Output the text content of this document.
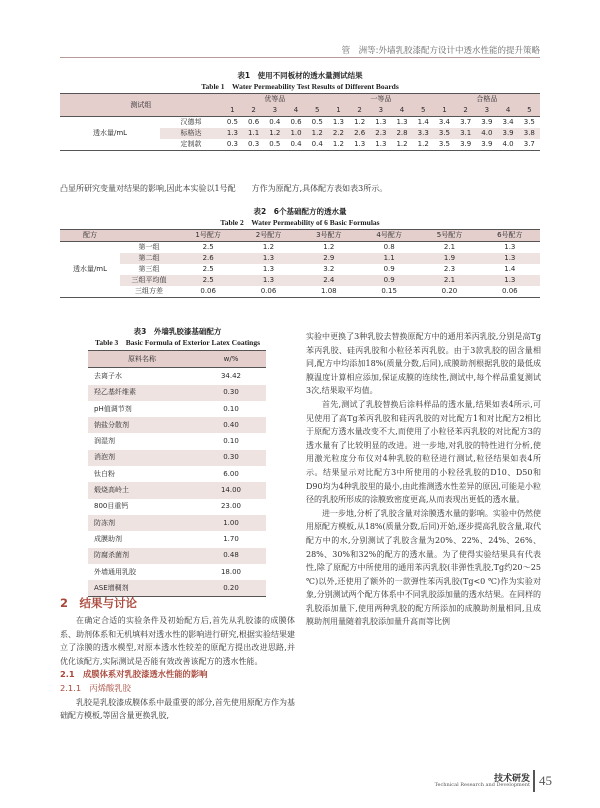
管　洲等:外墙乳胶漆配方设计中透水性能的提升策略
表1　使用不同板材的透水量测试结果
Table 1　Water Permeability Test Results of Different Boards
测试组		优等品					一等品					合格品				
		1	2	3	4	5	1	2	3	4	5	1	2	3	4	5
透水量/mL	汉德邦	0.5	0.6	0.4	0.6	0.5	1.3	1.2	1.3	1.3	1.4	3.4	3.7	3.9	3.4	3.5
	标格达	1.3	1.1	1.2	1.0	1.2	2.2	2.6	2.3	2.8	3.3	3.5	3.1	4.0	3.9	3.8
	定制款	0.3	0.3	0.5	0.4	0.4	1.2	1.3	1.3	1.2	1.2	3.5	3.9	3.9	4.0	3.7
凸显所研究变量对结果的影响,因此本实验以1号配　　方作为原配方,具体配方表如表3所示。
表2　6个基础配方的透水量
Table 2　Water Permeability of 6 Basic Formulas
配方		1号配方	2号配方	3号配方	4号配方	5号配方	6号配方
透水量/mL	第一组	2.5	1.2	1.2	0.8	2.1	1.3
	第二组	2.6	1.3	2.9	1.1	1.9	1.3
	第三组	2.5	1.3	3.2	0.9	2.3	1.4
	三组平均值	2.5	1.3	2.4	0.9	2.1	1.3
	三组方差	0.06	0.06	1.08	0.15	0.20	0.06
表3　外墙乳胶漆基础配方
Table 3　Basic Formula of Exterior Latex Coatings
原料名称	w/%
去离子水	34.42
羟乙基纤维素	0.30
pH值调节剂	0.10
钠盐分散剂	0.40
润湿剂	0.10
消泡剂	0.30
钛白粉	6.00
煅烧高岭土	14.00
800目重钙	23.00
防冻剂	1.00
成膜助剂	1.70
防腐杀菌剂	0.48
外墙通用乳胶	18.00
ASE增稠剂	0.20
2　结果与讨论

在确定合适的实验条件及初始配方后,首先从乳胶漆的成膜体系、助剂体系和无机填料对透水性的影响进行研究,根据实验结果建立了涂膜的透水模型,对原本透水性较差的原配方提出改进思路,并优化该配方,实际测试是否能有效改善该配方的透水性能。

2.1　成膜体系对乳胶漆透水性能的影响
2.1.1　丙烯酸乳胶

乳胶是乳胶漆成膜体系中最重要的部分,首先使用原配方作为基础配方模板,等固含量更换乳胶,

实验中更换了3种乳胶去替换原配方中的通用苯丙乳胶,分别是高Tg苯丙乳胶、硅丙乳胶和小粒径苯丙乳胶。由于3款乳胶的固含量相同,配方中均添加18%(质量分数,后同),成膜助剂根据乳胶的最低成膜温度计算相应添加,保证成膜的连续性,测试中,每个样品重复测试3次,结果取平均值。

首先,测试了乳胶替换后涂料样品的透水量,结果如表4所示,可见使用了高Tg苯丙乳胶和硅丙乳胶的对比配方1和对比配方2相比于原配方透水量改变不大,而使用了小粒径苯丙乳胶的对比配方3的透水量有了比较明显的改进。进一步地,对乳胶的特性进行分析,使用激光粒度分布仪对4种乳胶的粒径进行测试,粒径结果如表4所示。结果显示对比配方3中所使用的小粒径乳胶的D10、D50和D90均为4种乳胶里的最小,由此推测透水性差异的原因,可能是小粒径的乳胶所形成的涂膜致密度更高,从而表现出更低的透水量。

进一步地,分析了乳胶含量对涂膜透水量的影响。实验中仍然使用原配方模板,从18%(质量分数,后同)开始,逐步提高乳胶含量,取代配方中的水,分别测试了乳胶含量为20%、22%、24%、26%、28%、30%和32%的配方的透水量。为了使得实验结果具有代表性,除了原配方中所使用的通用苯丙乳胶(非弹性乳胶,Tg约20～25 ℃)以外,还使用了额外的一款弹性苯丙乳胶(Tg<0 ℃)作为实验对象,分别测试两个配方体系中不同乳胶添加量的透水结果。在同样的乳胶添加量下,使用两种乳胶的配方所添加的成膜助剂量相同,且成膜助剂用量随着乳胶添加量升高而等比例

技术研发
Technical Research and Development 45
